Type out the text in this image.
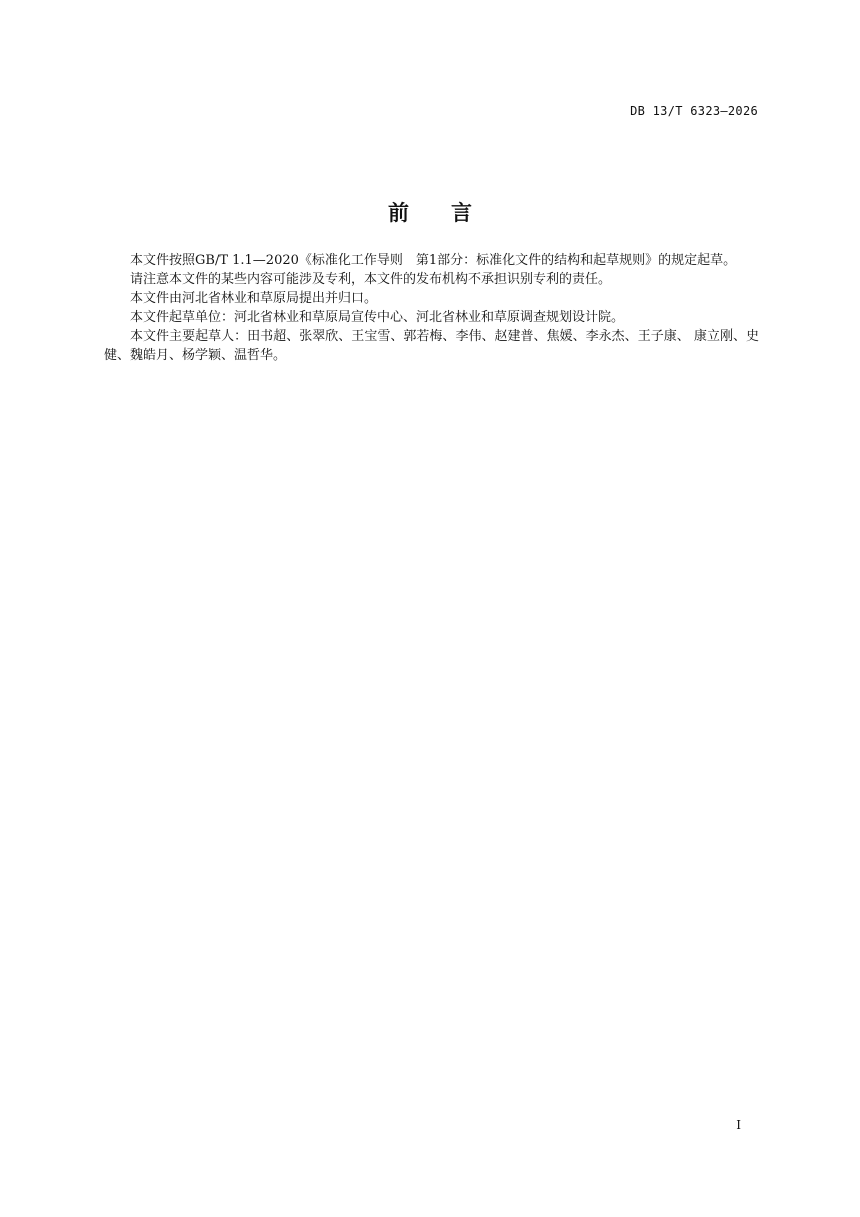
DB 13/T 6323—2026
前言

本文件按照GB/T 1.1—2020《标准化工作导则　第1部分：标准化文件的结构和起草规则》的规定起草。

请注意本文件的某些内容可能涉及专利，本文件的发布机构不承担识别专利的责任。

本文件由河北省林业和草原局提出并归口。

本文件起草单位：河北省林业和草原局宣传中心、河北省林业和草原调查规划设计院。

本文件主要起草人：田书超、张翠欣、王宝雪、郭若梅、李伟、赵建普、焦媛、李永杰、王子康、 康立刚、史健、魏皓月、杨学颖、温哲华。

I
